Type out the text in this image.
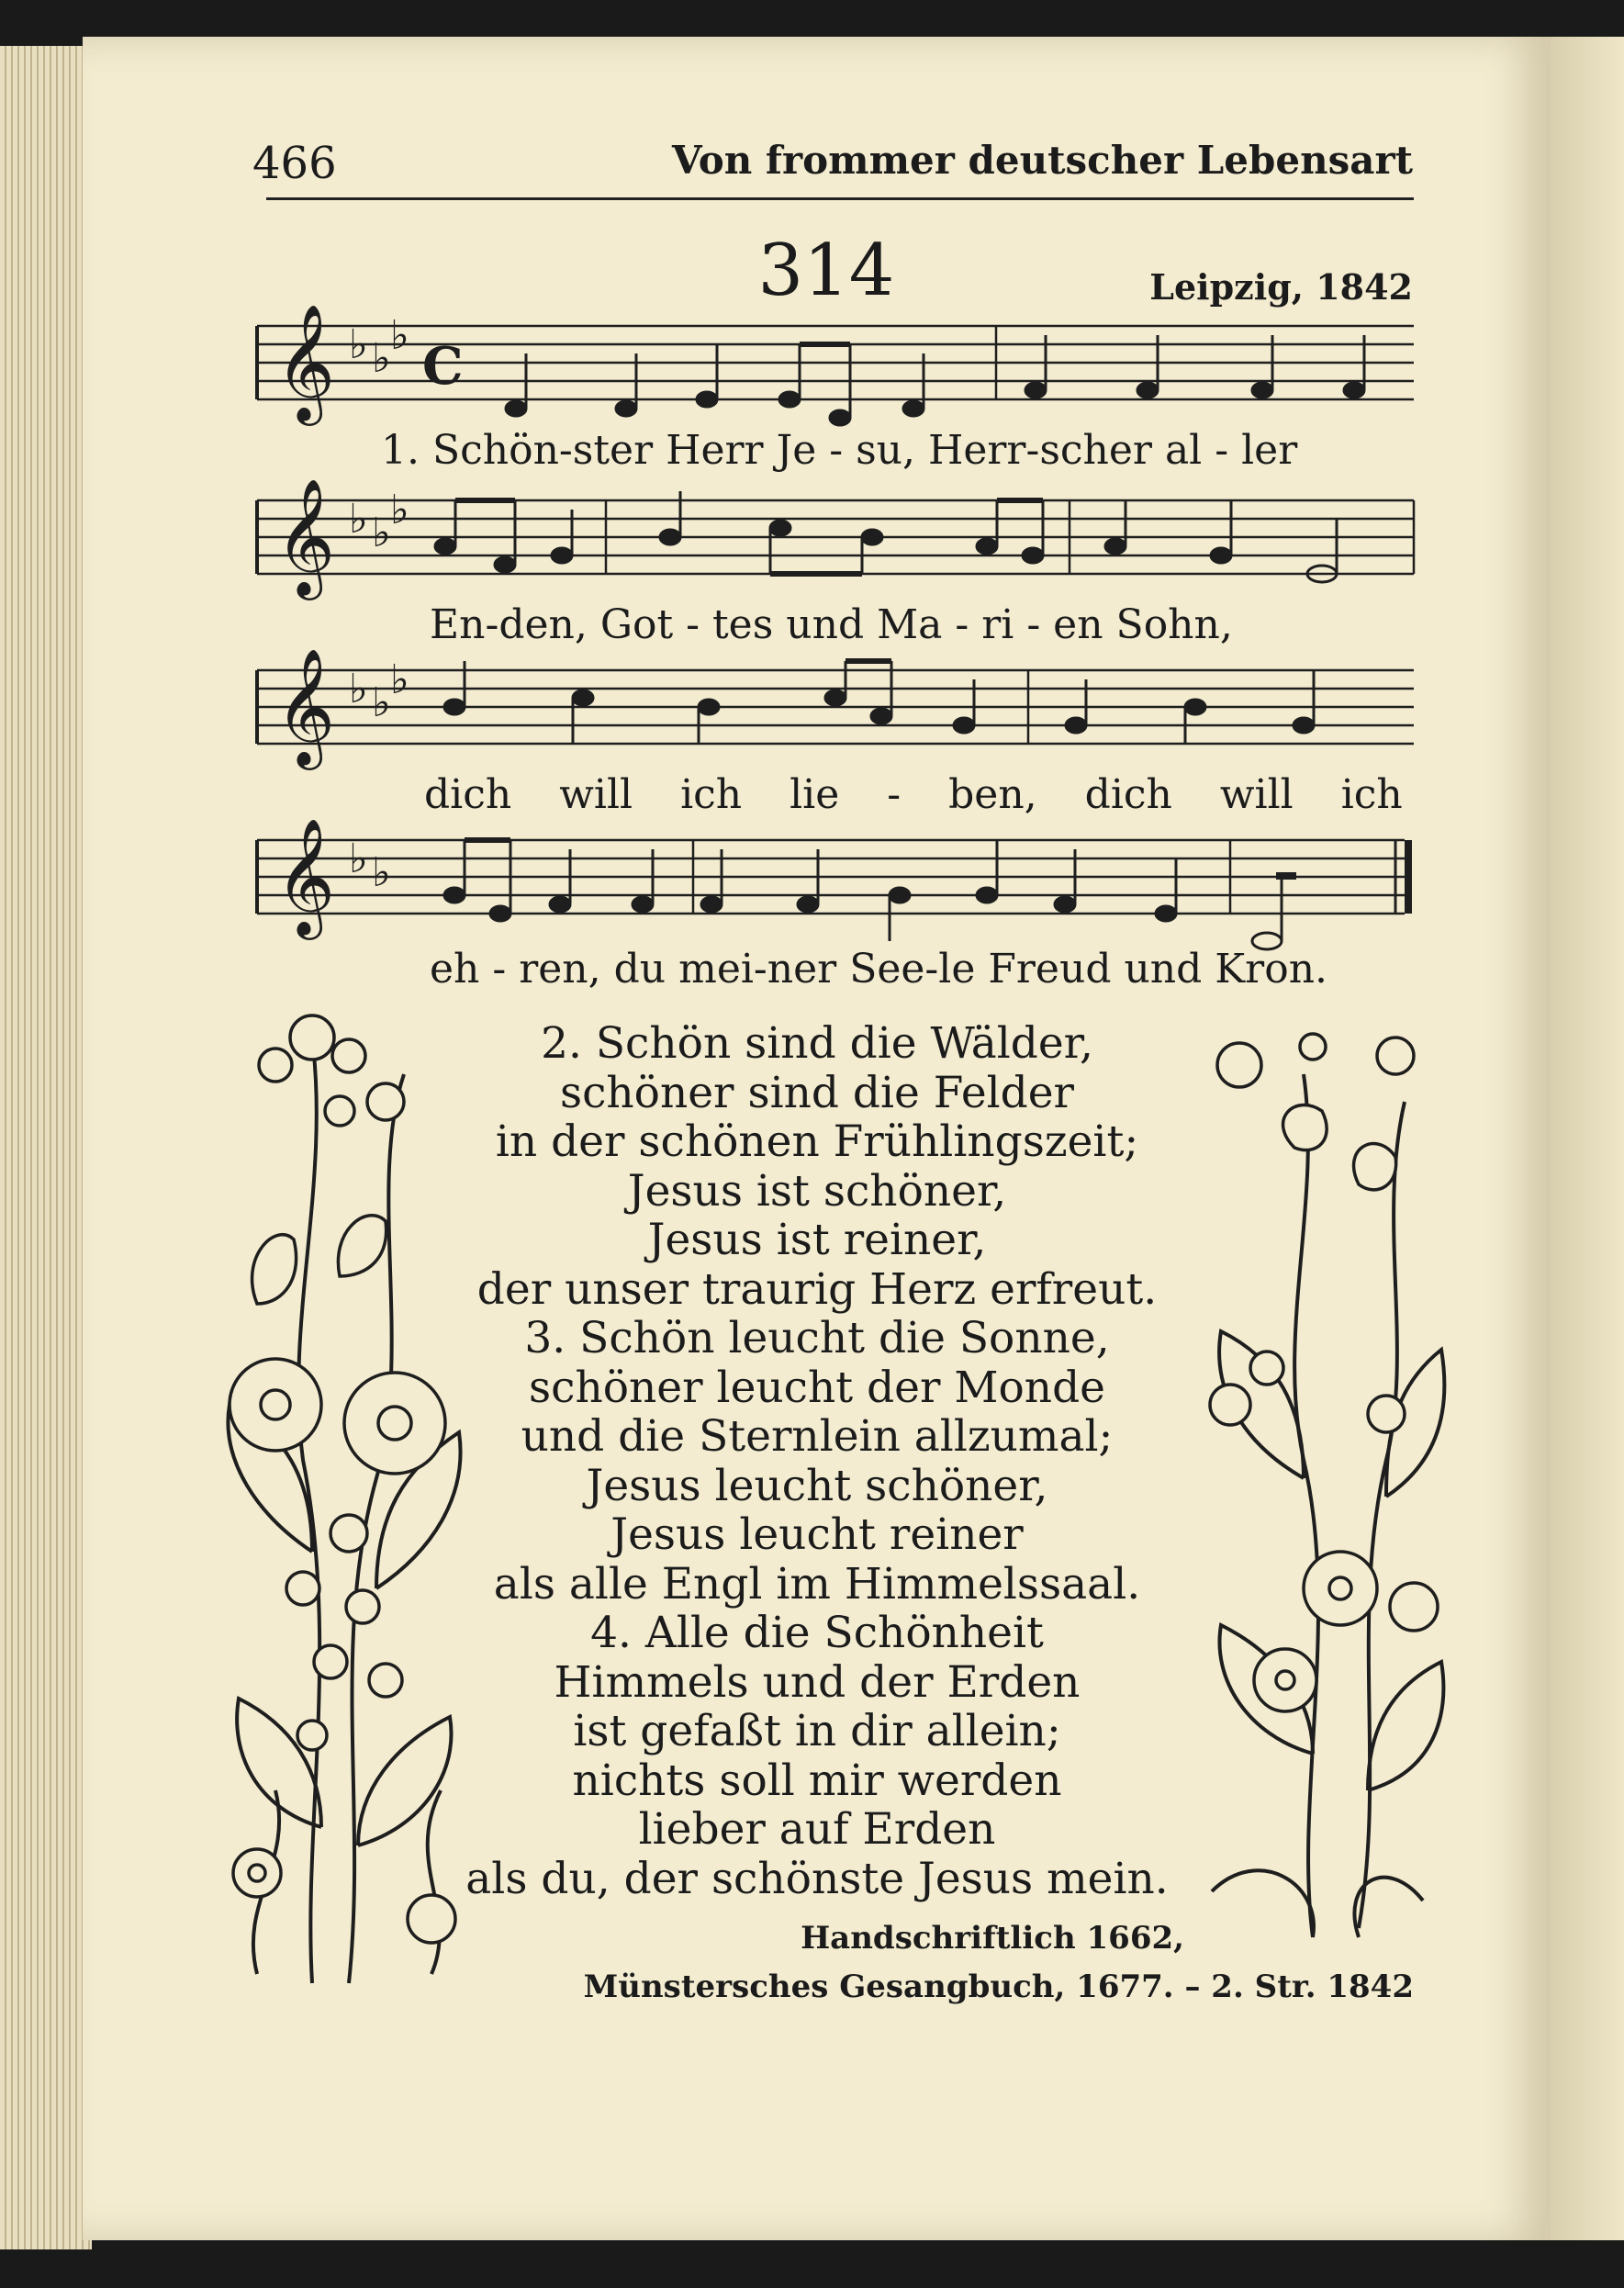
466	Von frommer deutscher Lebensart
314	Leipzig, 1842
𝄞
𝄞
𝄞
𝄞
♭ ♭ ♭
♭ ♭ ♭
♭ ♭ ♭
♭ ♭
C
1. Schön-ster Herr Je - su, Herr-scher al - ler
En-den, Got - tes und Ma - ri - en Sohn,
dich will ich lie - ben, dich will ich
eh - ren, du mei-ner See-le Freud und Kron.
2. Schön sind die Wälder,
schöner sind die Felder
in der schönen Frühlingszeit;
Jesus ist schöner,
Jesus ist reiner,
der unser traurig Herz erfreut.
3. Schön leucht die Sonne,
schöner leucht der Monde
und die Sternlein allzumal;
Jesus leucht schöner,
Jesus leucht reiner
als alle Engl im Himmelssaal.
4. Alle die Schönheit
Himmels und der Erden
ist gefaßt in dir allein;
nichts soll mir werden
lieber auf Erden
als du, der schönste Jesus mein.
Handschriftlich 1662,
Münstersches Gesangbuch, 1677. – 2. Str. 1842
